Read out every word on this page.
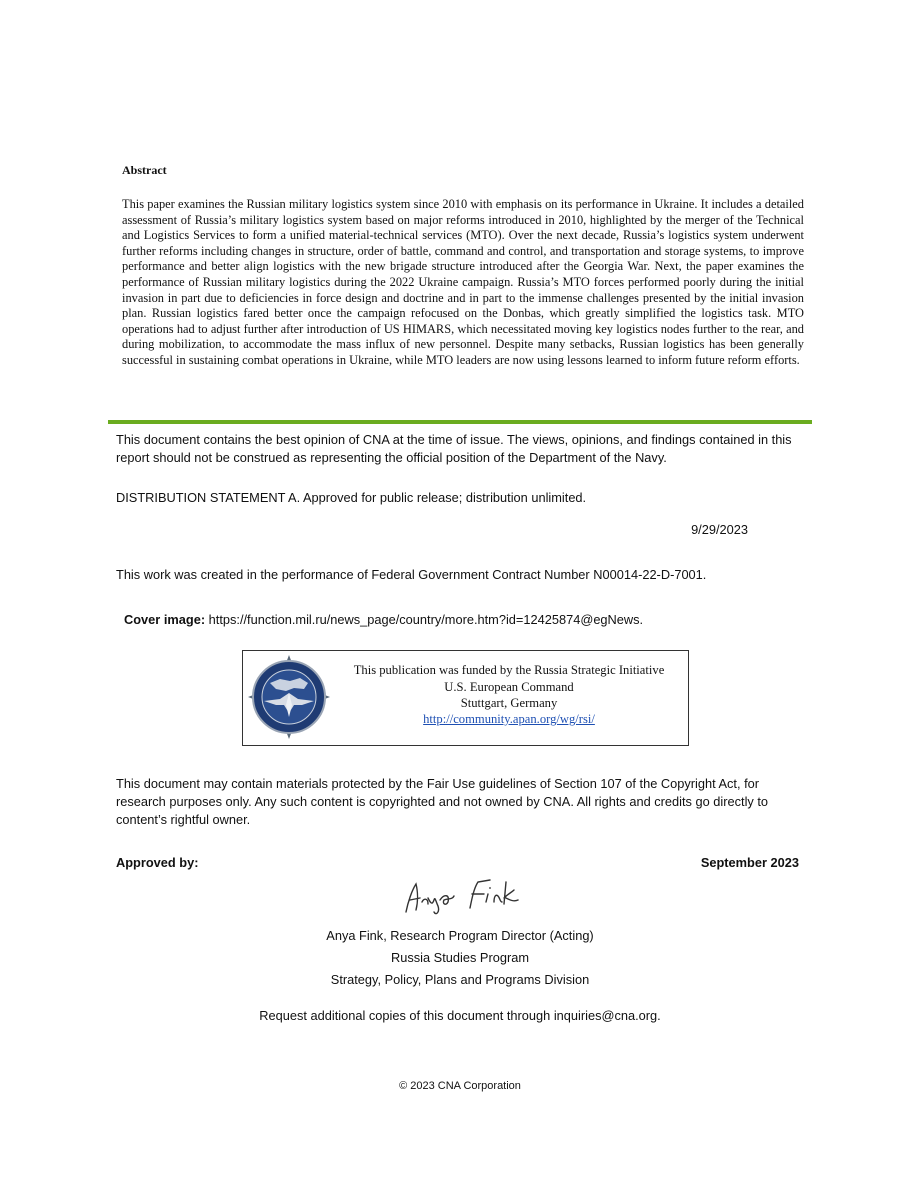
Abstract

This paper examines the Russian military logistics system since 2010 with emphasis on its performance in Ukraine. It includes a detailed assessment of Russia’s military logistics system based on major reforms introduced in 2010, highlighted by the merger of the Technical and Logistics Services to form a unified material-technical services (MTO). Over the next decade, Russia’s logistics system underwent further reforms including changes in structure, order of battle, command and control, and transportation and storage systems, to improve performance and better align logistics with the new brigade structure introduced after the Georgia War. Next, the paper examines the performance of Russian military logistics during the 2022 Ukraine campaign. Russia’s MTO forces performed poorly during the initial invasion in part due to deficiencies in force design and doctrine and in part to the immense challenges presented by the initial invasion plan. Russian logistics fared better once the campaign refocused on the Donbas, which greatly simplified the logistics task. MTO operations had to adjust further after introduction of US HIMARS, which necessitated moving key logistics nodes further to the rear, and during mobilization, to accommodate the mass influx of new personnel. Despite many setbacks, Russian logistics has been generally successful in sustaining combat operations in Ukraine, while MTO leaders are now using lessons learned to inform future reform efforts.

This document contains the best opinion of CNA at the time of issue. The views, opinions, and findings contained in this report should not be construed as representing the official position of the Department of the Navy.

DISTRIBUTION STATEMENT A. Approved for public release; distribution unlimited.

9/29/2023

This work was created in the performance of Federal Government Contract Number N00014-22-D-7001.

Cover image: https://function.mil.ru/news_page/country/more.htm?id=12425874@egNews.

This publication was funded by the Russia Strategic Initiative
U.S. European Command
Stuttgart, Germany
http://community.apan.org/wg/rsi/

This document may contain materials protected by the Fair Use guidelines of Section 107 of the Copyright Act, for research purposes only. Any such content is copyrighted and not owned by CNA. All rights and credits go directly to content’s rightful owner.

Approved by:	September 2023

Anya Fink, Research Program Director (Acting)

Russia Studies Program

Strategy, Policy, Plans and Programs Division

Request additional copies of this document through inquiries@cna.org.

© 2023 CNA Corporation
